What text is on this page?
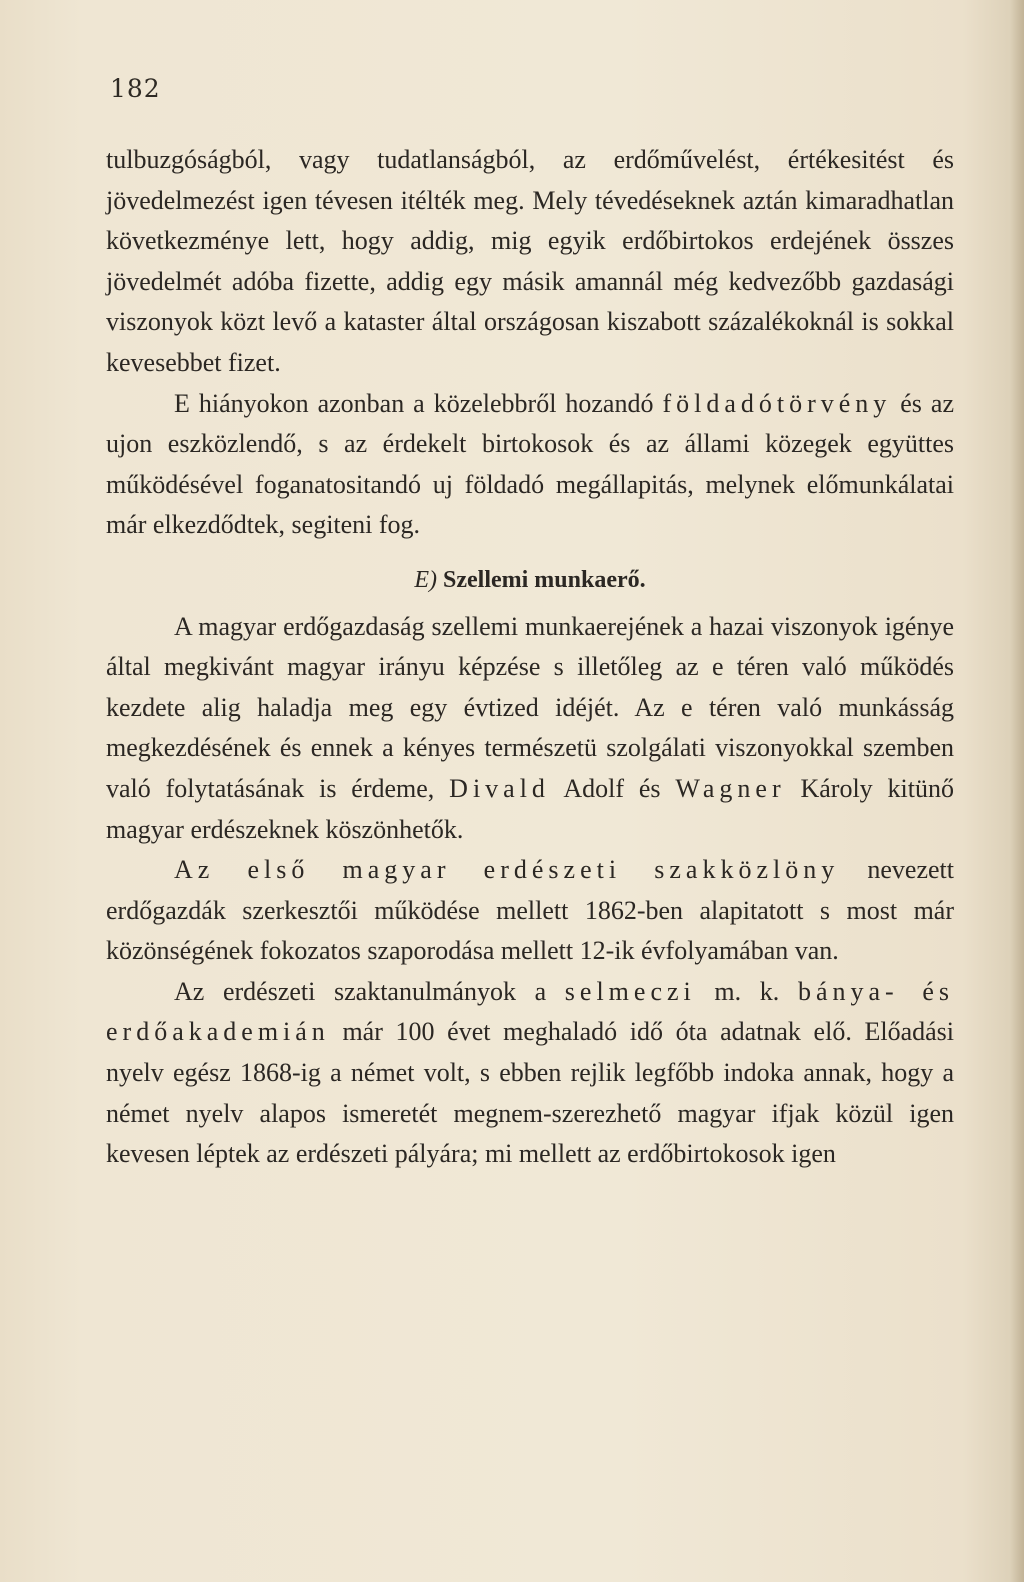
182

tulbuzgóságból, vagy tudatlanságból, az erdőművelést, értékesitést és jövedelmezést igen tévesen itélték meg. Mely tévedéseknek aztán kimaradhatlan következménye lett, hogy addig, mig egyik erdőbirtokos erdejének összes jövedelmét adóba fizette, addig egy másik amannál még kedvezőbb gazdasági viszonyok közt levő a kataster által országosan kiszabott százalékoknál is sokkal kevesebbet fizet.

E hiányokon azonban a közelebbről hozandó földadótörvény és az ujon eszközlendő, s az érdekelt birtokosok és az állami közegek együttes működésével foganatositandó uj földadó megállapitás, melynek előmunkálatai már elkezdődtek, segiteni fog.

E) Szellemi munkaerő.

A magyar erdőgazdaság szellemi munkaerejének a hazai viszonyok igénye által megkivánt magyar irányu képzése s illetőleg az e téren való működés kezdete alig haladja meg egy évtized idéjét. Az e téren való munkásság megkezdésének és ennek a kényes természetü szolgálati viszonyokkal szemben való folytatásának is érdeme, Divald Adolf és Wagner Károly kitünő magyar erdészeknek köszönhetők.

Az első magyar erdészeti szakközlöny nevezett erdőgazdák szerkesztői működése mellett 1862-ben alapitatott s most már közönségének fokozatos szaporodása mellett 12-ik évfolyamában van.

Az erdészeti szaktanulmányok a selmeczi m. k. bánya- és erdőakademián már 100 évet meghaladó idő óta adatnak elő. Előadási nyelv egész 1868-ig a német volt, s ebben rejlik legfőbb indoka annak, hogy a német nyelv alapos ismeretét megnem-szerezhető magyar ifjak közül igen kevesen léptek az erdészeti pályára; mi mellett az erdőbirtokosok igen
